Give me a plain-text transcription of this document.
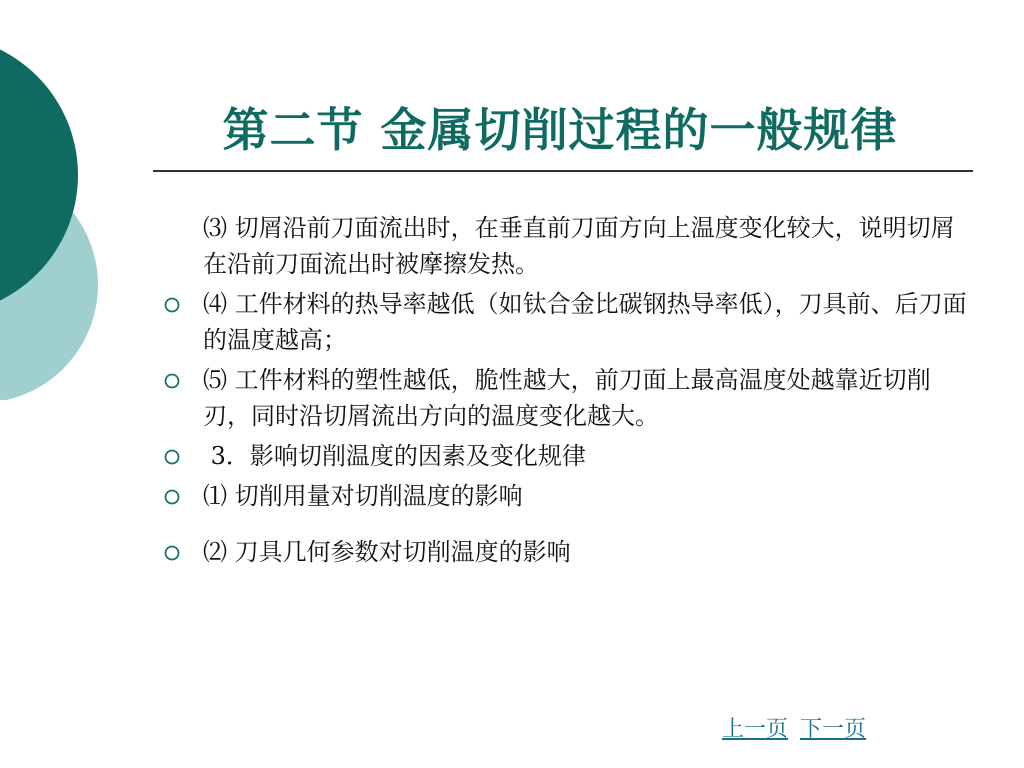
第二节 金属切削过程的一般规律
⑶ 切屑沿前刀面流出时，在垂直前刀面方向上温度变化较大，说明切屑在沿前刀面流出时被摩擦发热。
⑷ 工件材料的热导率越低（如钛合金比碳钢热导率低），刀具前、后刀面的温度越高；
⑸ 工件材料的塑性越低，脆性越大，前刀面上最高温度处越靠近切削刃，同时沿切屑流出方向的温度变化越大。
3．影响切削温度的因素及变化规律
⑴ 切削用量对切削温度的影响
⑵ 刀具几何参数对切削温度的影响
上一页 下一页
